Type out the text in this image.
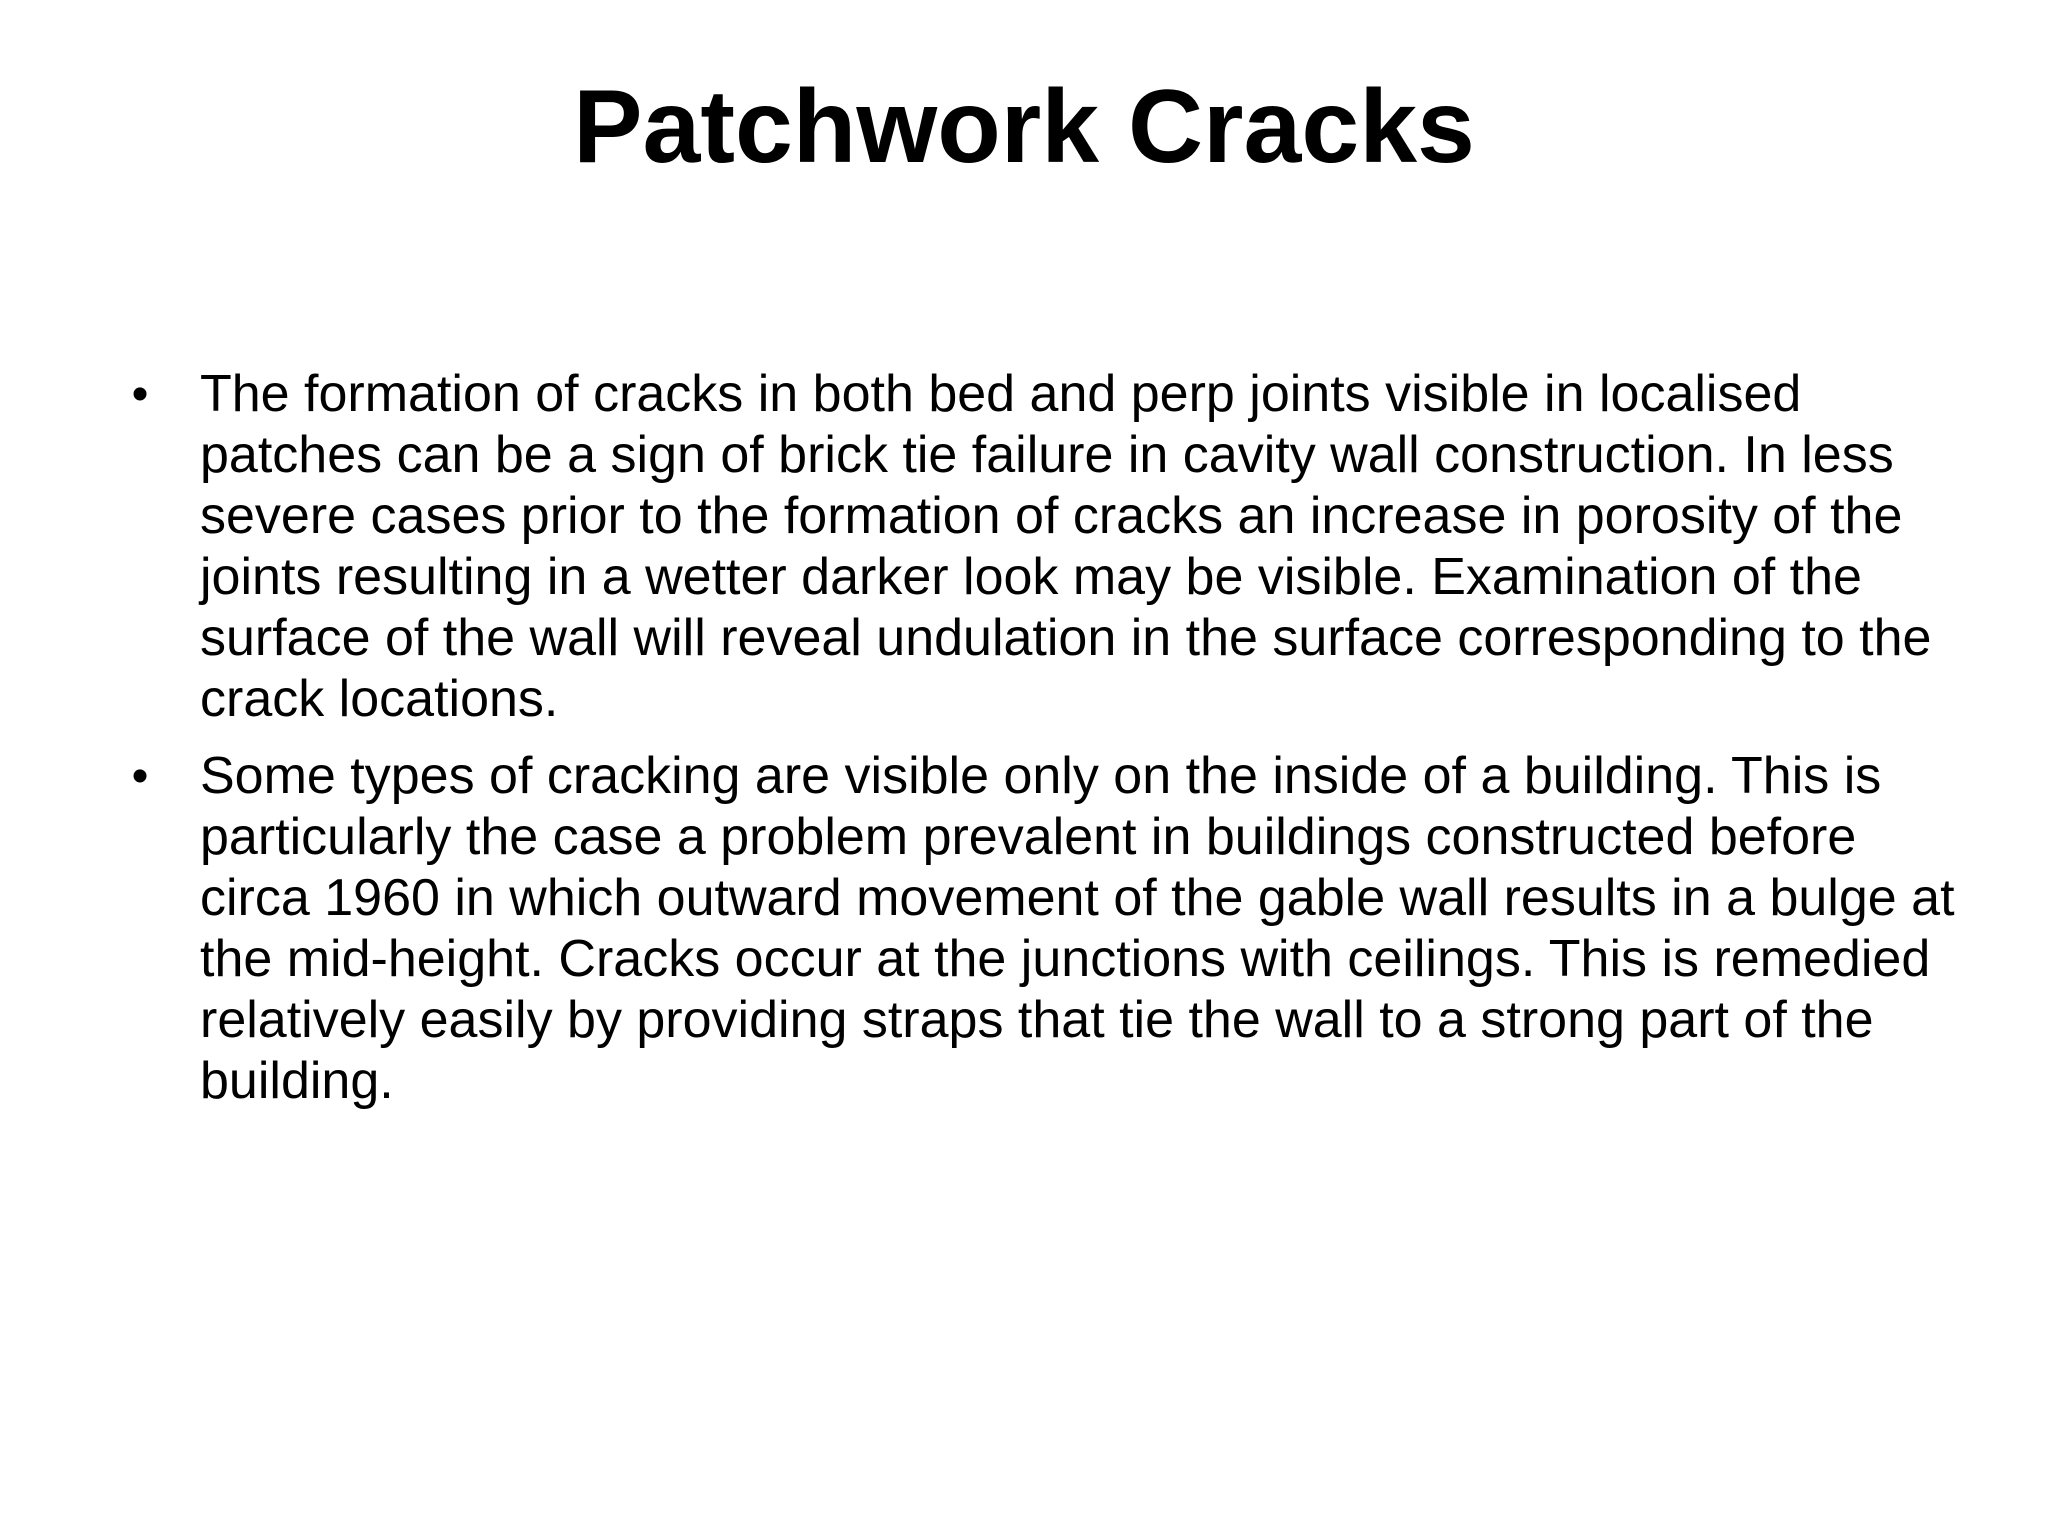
Patchwork Cracks
• The formation of cracks in both bed and perp joints visible in localised patches can be a sign of brick tie failure in cavity wall construction. In less severe cases prior to the formation of cracks an increase in porosity of the joints resulting in a wetter darker look may be visible. Examination of the surface of the wall will reveal undulation in the surface corresponding to the crack locations.
• Some types of cracking are visible only on the inside of a building. This is particularly the case a problem prevalent in buildings constructed before circa 1960 in which outward movement of the gable wall results in a bulge at the mid-height. Cracks occur at the junctions with ceilings. This is remedied relatively easily by providing straps that tie the wall to a strong part of the building.
